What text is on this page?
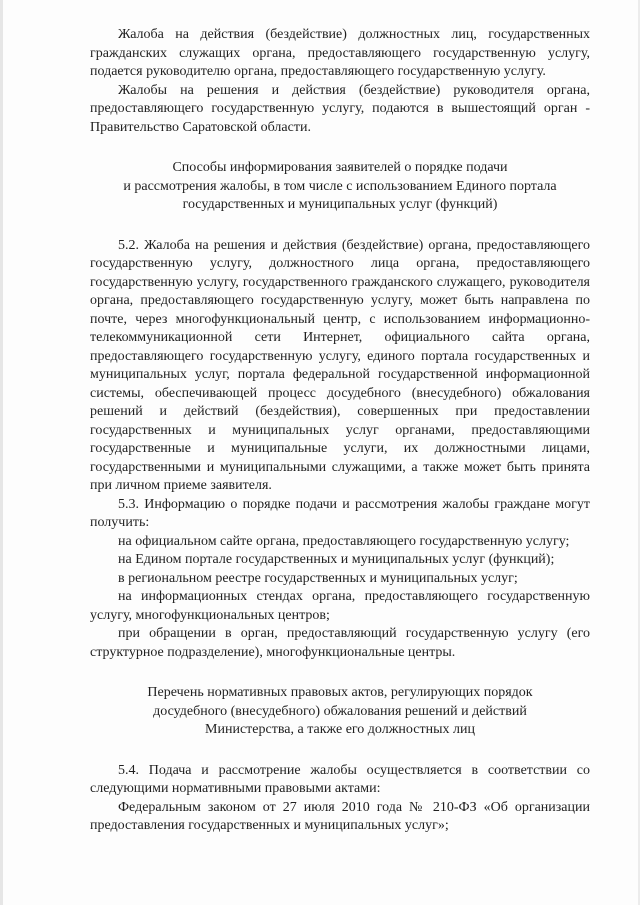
Жалоба на действия (бездействие) должностных лиц, государственных гражданских служащих органа, предоставляющего государственную услугу, подается руководителю органа, предоставляющего государственную услугу.

Жалобы на решения и действия (бездействие) руководителя органа, предоставляющего государственную услугу, подаются в вышестоящий орган - Правительство Саратовской области.

Способы информирования заявителей о порядке подачи

и рассмотрения жалобы, в том числе с использованием Единого портала

государственных и муниципальных услуг (функций)

5.2. Жалоба на решения и действия (бездействие) органа, предоставляющего государственную услугу, должностного лица органа, предоставляющего государственную услугу, государственного гражданского служащего, руководителя органа, предоставляющего государственную услугу, может быть направлена по почте, через многофункциональный центр, с использованием информационно-телекоммуникационной сети Интернет, официального сайта органа, предоставляющего государственную услугу, единого портала государственных и муниципальных услуг, портала федеральной государственной информационной системы, обеспечивающей процесс досудебного (внесудебного) обжалования решений и действий (бездействия), совершенных при предоставлении государственных и муниципальных услуг органами, предоставляющими государственные и муниципальные услуги, их должностными лицами, государственными и муниципальными служащими, а также может быть принята при личном приеме заявителя.

5.3. Информацию о порядке подачи и рассмотрения жалобы граждане могут получить:

на официальном сайте органа, предоставляющего государственную услугу;

на Едином портале государственных и муниципальных услуг (функций);

в региональном реестре государственных и муниципальных услуг;

на информационных стендах органа, предоставляющего государственную услугу, многофункциональных центров;

при обращении в орган, предоставляющий государственную услугу (его структурное подразделение), многофункциональные центры.

Перечень нормативных правовых актов, регулирующих порядок

досудебного (внесудебного) обжалования решений и действий

Министерства, а также его должностных лиц

5.4. Подача и рассмотрение жалобы осуществляется в соответствии со следующими нормативными правовыми актами:

Федеральным законом от 27 июля 2010 года № 210-ФЗ «Об организации предоставления государственных и муниципальных услуг»;
